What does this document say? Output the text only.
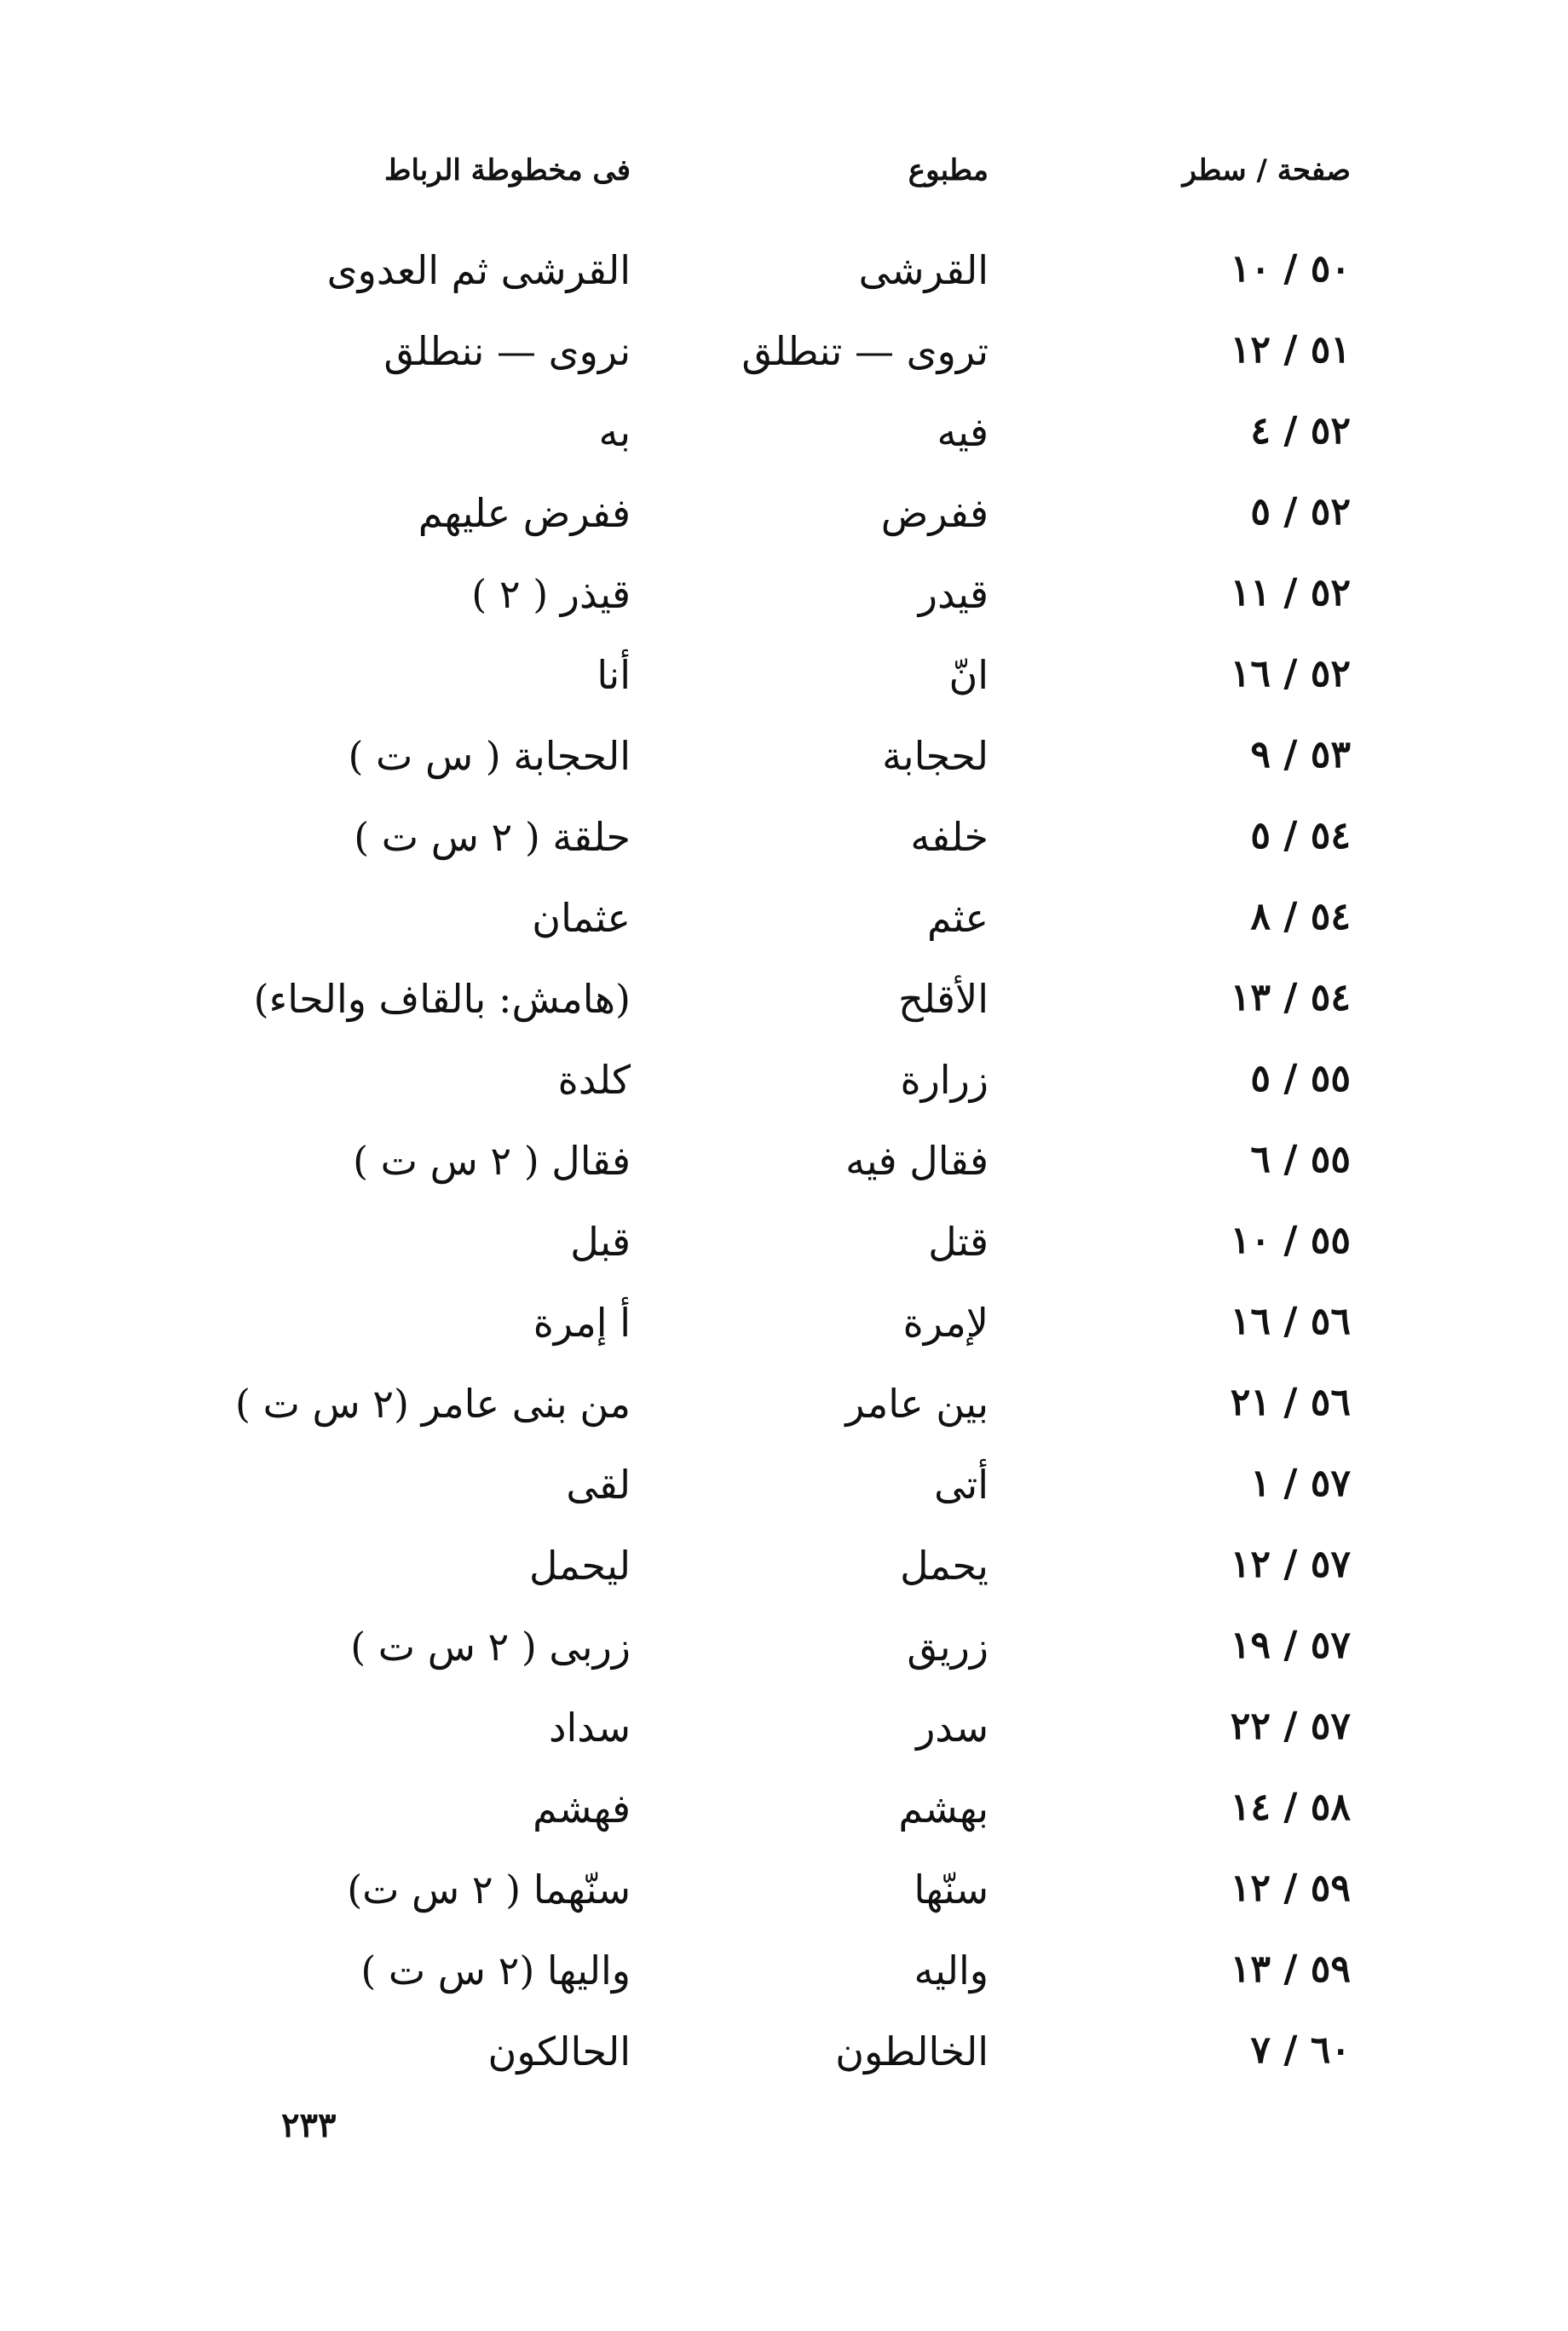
صفحة / سطر
مطبوع
فى مخطوطة الرباط
٥٠ / ١٠
القرشى
القرشى ثم العدوى
٥١ / ١٢
تروى — تنطلق
نروى — ننطلق
٥٢ / ٤
فيه
به
٥٢ / ٥
ففرض
ففرض عليهم
٥٢ / ١١
قيدر
قيذر ( ٢ )
٥٢ / ١٦
انّ
أنا
٥٣ / ٩
لحجابة
الحجابة ( س ت )
٥٤ / ٥
خلفه
حلقة ( ٢ س ت )
٥٤ / ٨
عثم
عثمان
٥٤ / ١٣
الأقلح
(هامش: بالقاف والحاء)
٥٥ / ٥
زرارة
كلدة
٥٥ / ٦
فقال فيه
فقال ( ٢ س ت )
٥٥ / ١٠
قتل
قبل
٥٦ / ١٦
لإمرة
أ إمرة
٥٦ / ٢١
بين عامر
من بنى عامر (٢ س ت )
٥٧ / ١
أتى
لقى
٥٧ / ١٢
يحمل
ليحمل
٥٧ / ١٩
زريق
زربى ( ٢ س ت )
٥٧ / ٢٢
سدر
سداد
٥٨ / ١٤
بهشم
فهشم
٥٩ / ١٢
سنّها
سنّهما ( ٢ س ت)
٥٩ / ١٣
واليه
واليها (٢ س ت )
٦٠ / ٧
الخالطون
الحالكون
٢٣٣
